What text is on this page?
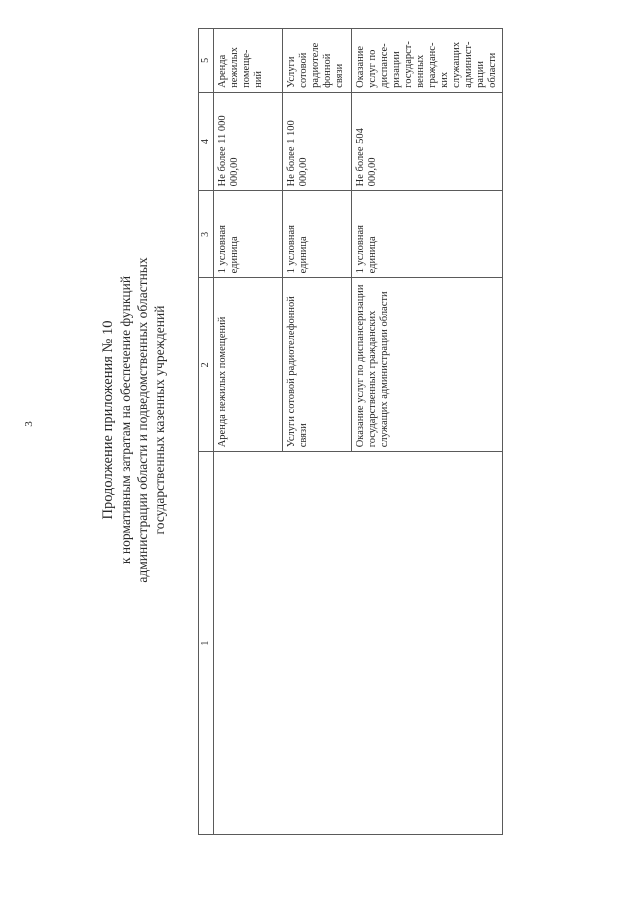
3	Продолжение приложения № 10 к нормативным затратам на обеспечение функций администрации области и подведомственных областных государственных казенных учреждений
1	2	3	4	5
	Аренда нежилых помещений	1 условная единица	Не более 11 000 000,00	Аренда нежилых помеще-ний
	Услуги сотовой радиотелефонной связи	1 условная единица	Не более 1 100 000,00	Услуги сотовой радиотеле фонной связи
	Оказание услуг по диспансеризации государственных гражданских служащих администрации области	1 условная единица	Не более 504 000,00	Оказание услуг по диспансе-ризации государст-венных гражданс-ких служащих админист-рации области
